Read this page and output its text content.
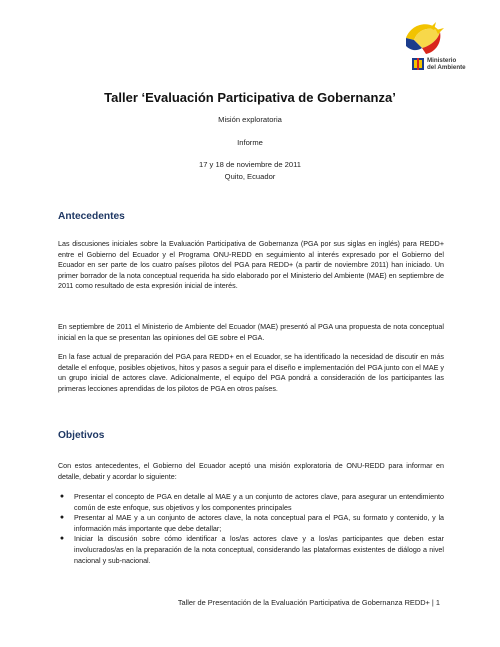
Ministerio
del Ambiente
Taller ‘Evaluación Participativa de Gobernanza’
Misión exploratoria
Informe
17 y 18 de noviembre de 2011
Quito, Ecuador
Antecedentes
Las discusiones iniciales sobre la Evaluación Participativa de Gobernanza (PGA por sus siglas en inglés) para REDD+ entre el Gobierno del Ecuador y el Programa ONU-REDD en seguimiento al interés expresado por el Gobierno del Ecuador en ser parte de los cuatro países pilotos del PGA para REDD+ (a partir de noviembre 2011) han iniciado. Un primer borrador de la nota conceptual requerida ha sido elaborado por el Ministerio del Ambiente (MAE) en septiembre de 2011 como resultado de esta expresión inicial de interés.
En septiembre de 2011 el Ministerio de Ambiente del Ecuador (MAE) presentó al PGA una propuesta de nota conceptual inicial en la que se presentan las opiniones del GE sobre el PGA.
En la fase actual de preparación del PGA para REDD+ en el Ecuador, se ha identificado la necesidad de discutir en más detalle el enfoque, posibles objetivos, hitos y pasos a seguir para el diseño e implementación del PGA junto con el MAE y un grupo inicial de actores clave. Adicionalmente, el equipo del PGA pondrá a consideración de los participantes las primeras lecciones aprendidas de los pilotos de PGA en otros países.
Objetivos
Con estos antecedentes, el Gobierno del Ecuador aceptó una misión exploratoria de ONU-REDD para informar en detalle, debatir y acordar lo siguiente:
● Presentar el concepto de PGA en detalle al MAE y a un conjunto de actores clave, para asegurar un entendimiento común de este enfoque, sus objetivos y los componentes principales
● Presentar al MAE y a un conjunto de actores clave, la nota conceptual para el PGA, su formato y contenido, y la información más importante que debe detallar;
● Iniciar la discusión sobre cómo identificar a los/as actores clave y a los/as participantes que deben estar involucrados/as en la preparación de la nota conceptual, considerando las plataformas existentes de diálogo a nivel nacional y sub-nacional.
Taller de Presentación de la Evaluación Participativa de Gobernanza REDD+ | 1
